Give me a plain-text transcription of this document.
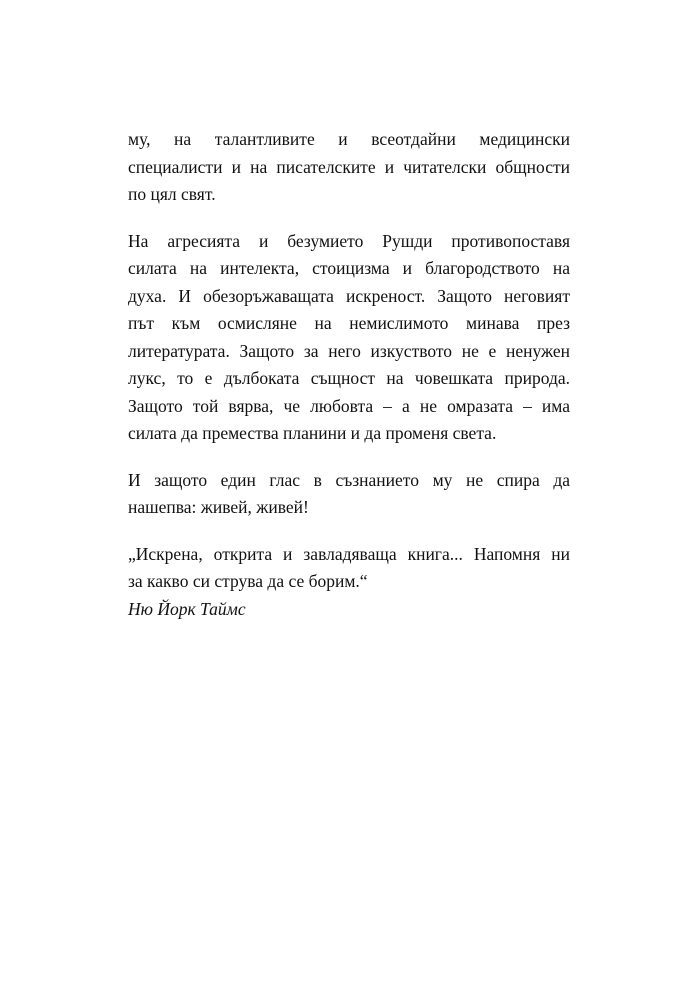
му, на талантливите и всеотдайни медицински
специалисти и на писателските и читателски общности
по цял свят.

На агресията и безумието Рушди противопоставя
силата на интелекта, стоицизма и благородството на
духа. И обезоръжаващата искреност. Защото неговият
път към осмисляне на немислимото минава през
литературата. Защото за него изкуството не е ненужен
лукс, то е дълбоката същност на човешката природа.
Защото той вярва, че любовта – а не омразата – има
силата да премества планини и да променя света.

И защото един глас в съзнанието му не спира да
нашепва: живей, живей!

„Искрена, открита и завладяваща книга... Напомня ни
за какво си струва да се борим.“
Ню Йорк Таймс
